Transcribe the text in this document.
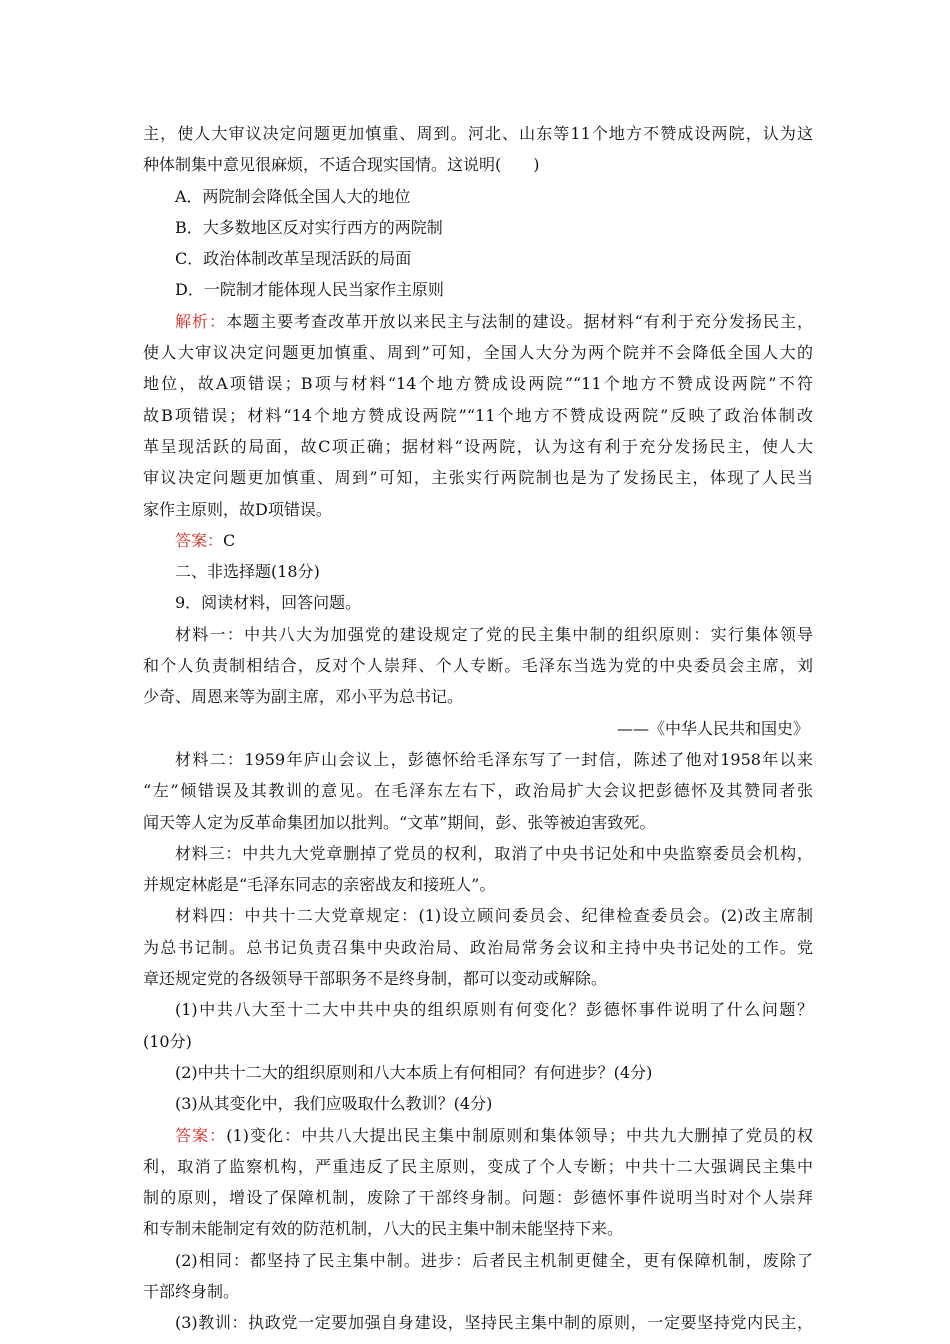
主，使人大审议决定问题更加慎重、周到。河北、山东等11个地方不赞成设两院，认为这
种体制集中意见很麻烦，不适合现实国情。这说明(　　)
A．两院制会降低全国人大的地位
B．大多数地区反对实行西方的两院制
C．政治体制改革呈现活跃的局面
D．一院制才能体现人民当家作主原则
解析：本题主要考查改革开放以来民主与法制的建设。据材料“有利于充分发扬民主，
使人大审议决定问题更加慎重、周到”可知，全国人大分为两个院并不会降低全国人大的
地位，故A项错误；B项与材料“14个地方赞成设两院”“11个地方不赞成设两院”不符
故B项错误；材料“14个地方赞成设两院”“11个地方不赞成设两院”反映了政治体制改
革呈现活跃的局面，故C项正确；据材料“设两院，认为这有利于充分发扬民主，使人大
审议决定问题更加慎重、周到”可知，主张实行两院制也是为了发扬民主，体现了人民当
家作主原则，故D项错误。
答案：C
二、非选择题(18分)
9．阅读材料，回答问题。
材料一：中共八大为加强党的建设规定了党的民主集中制的组织原则：实行集体领导
和个人负责制相结合，反对个人崇拜、个人专断。毛泽东当选为党的中央委员会主席，刘
少奇、周恩来等为副主席，邓小平为总书记。
——《中华人民共和国史》
材料二：1959年庐山会议上，彭德怀给毛泽东写了一封信，陈述了他对1958年以来
“左”倾错误及其教训的意见。在毛泽东左右下，政治局扩大会议把彭德怀及其赞同者张
闻天等人定为反革命集团加以批判。“文革”期间，彭、张等被迫害致死。
材料三：中共九大党章删掉了党员的权利，取消了中央书记处和中央监察委员会机构，
并规定林彪是“毛泽东同志的亲密战友和接班人”。
材料四：中共十二大党章规定：(1)设立顾问委员会、纪律检查委员会。(2)改主席制
为总书记制。总书记负责召集中央政治局、政治局常务会议和主持中央书记处的工作。党
章还规定党的各级领导干部职务不是终身制，都可以变动或解除。
(1)中共八大至十二大中共中央的组织原则有何变化？彭德怀事件说明了什么问题？
(10分)
(2)中共十二大的组织原则和八大本质上有何相同？有何进步？(4分)
(3)从其变化中，我们应吸取什么教训？(4分)
答案：(1)变化：中共八大提出民主集中制原则和集体领导；中共九大删掉了党员的权
利，取消了监察机构，严重违反了民主原则，变成了个人专断；中共十二大强调民主集中
制的原则，增设了保障机制，废除了干部终身制。问题：彭德怀事件说明当时对个人崇拜
和专制未能制定有效的防范机制，八大的民主集中制未能坚持下来。
(2)相同：都坚持了民主集中制。进步：后者民主机制更健全，更有保障机制，废除了
干部终身制。
(3)教训：执政党一定要加强自身建设，坚持民主集中制的原则，一定要坚持党内民主，
